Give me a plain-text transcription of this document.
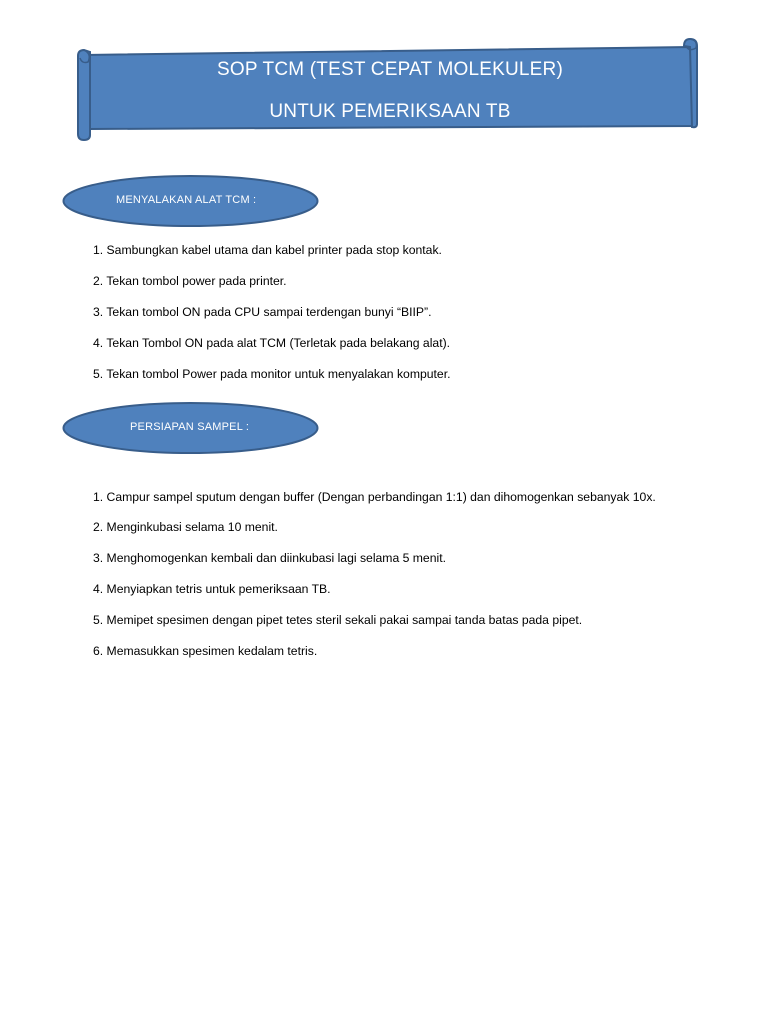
SOP TCM (TEST CEPAT MOLEKULER)
UNTUK PEMERIKSAAN TB
MENYALAKAN ALAT TCM :
1. Sambungkan kabel utama dan kabel printer pada stop kontak.
2. Tekan tombol power pada printer.
3. Tekan tombol ON pada CPU sampai terdengan bunyi “BIIP”.
4. Tekan Tombol ON pada alat TCM (Terletak pada belakang alat).
5. Tekan tombol Power pada monitor untuk menyalakan komputer.
PERSIAPAN SAMPEL :
1. Campur sampel sputum dengan buffer (Dengan perbandingan 1:1) dan dihomogenkan sebanyak 10x.
2. Menginkubasi selama 10 menit.
3. Menghomogenkan kembali dan diinkubasi lagi selama 5 menit.
4. Menyiapkan tetris untuk pemeriksaan TB.
5. Memipet spesimen dengan pipet tetes steril sekali pakai sampai tanda batas pada pipet.
6. Memasukkan spesimen kedalam tetris.
